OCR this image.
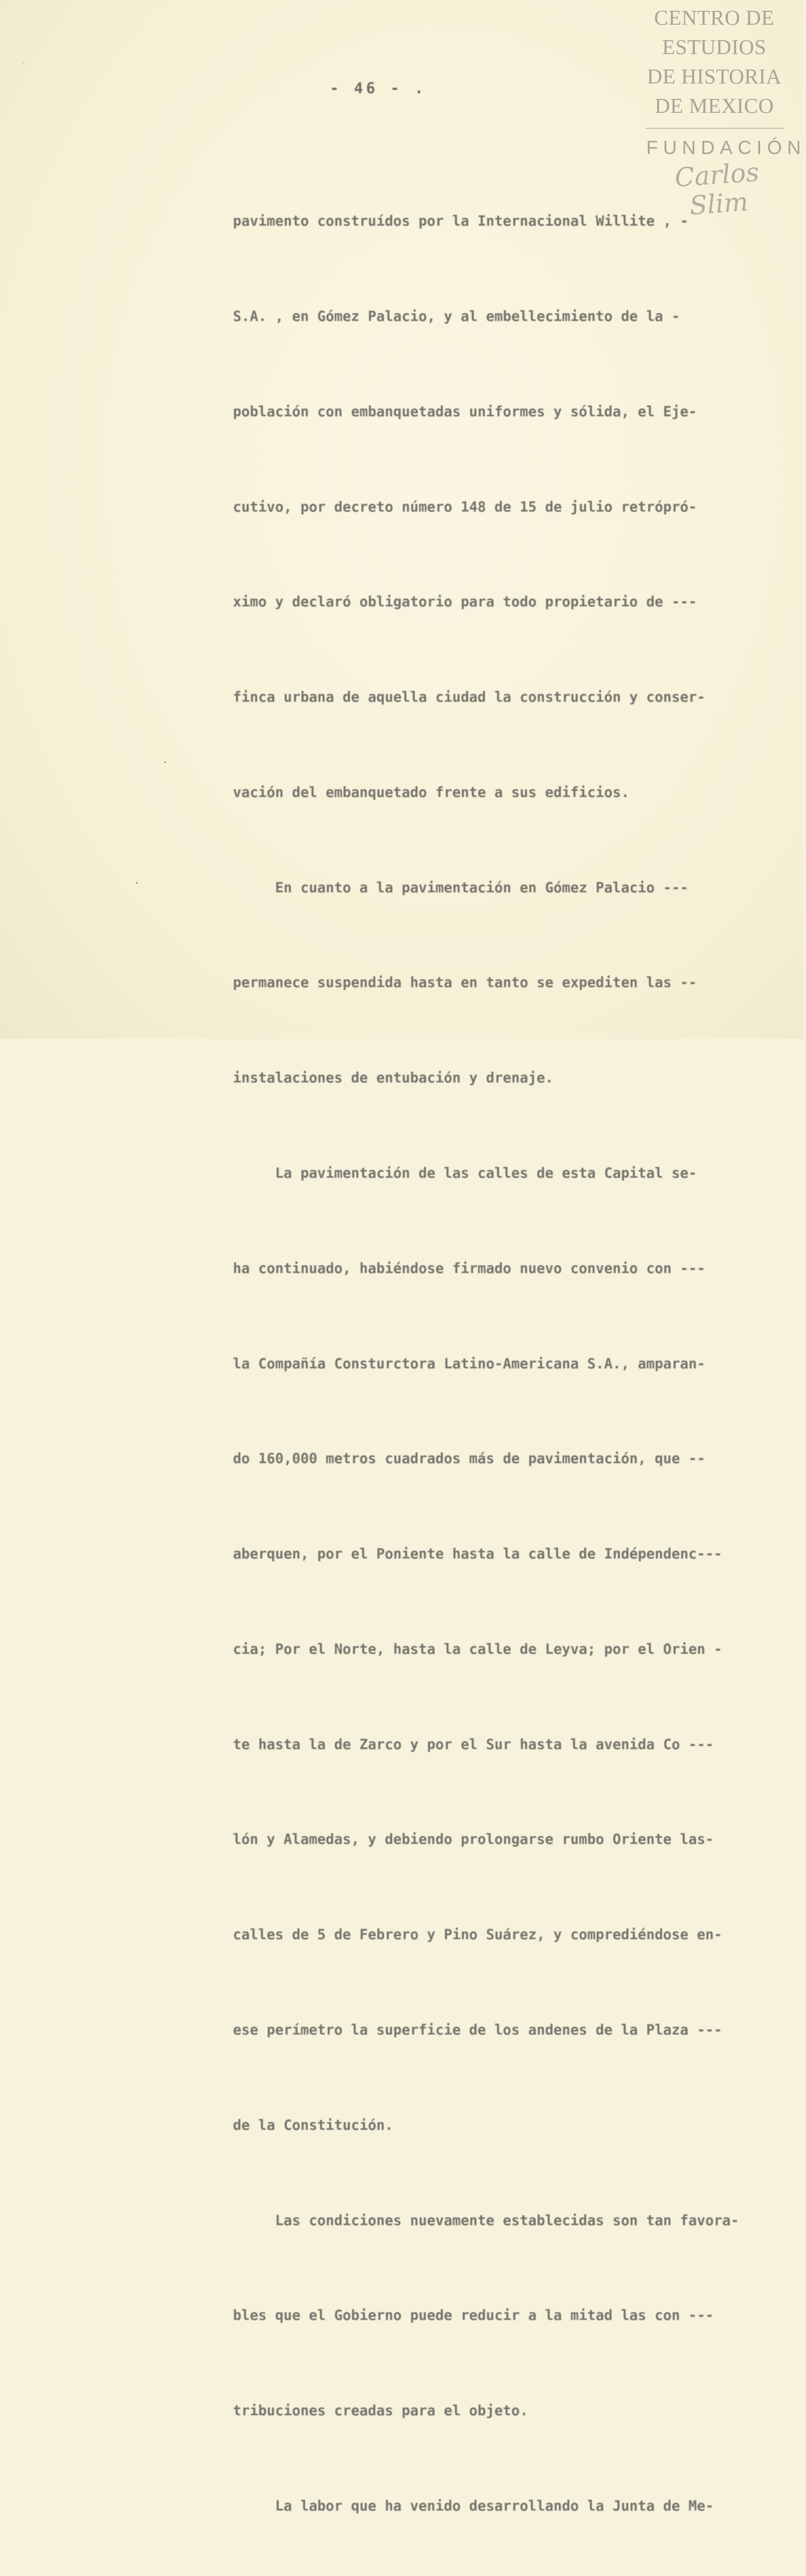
CENTRO DE
ESTUDIOS
DE HISTORIA
DE MEXICO
FUNDACIÓN
Carlos Slim
- 46 - .

pavimento construídos por la Internacional Willite , -

S.A. , en Gómez Palacio, y al embellecimiento de la -

población con embanquetadas uniformes y sólida, el Eje-

cutivo, por decreto número 148 de 15 de julio retrópró-

ximo y declaró obligatorio para todo propietario de ---

finca urbana de aquella ciudad la construcción y conser-

vación del embanquetado frente a sus edificios.

En cuanto a la pavimentación en Gómez Palacio ---

permanece suspendida hasta en tanto se expediten las --

instalaciones de entubación y drenaje.

La pavimentación de las calles de esta Capital se-

ha continuado, habiéndose firmado nuevo convenio con ---

la Compañía Consturctora Latino-Americana S.A., amparan-

do 160,000 metros cuadrados más de pavimentación, que --

aberquen, por el Poniente hasta la calle de Indépendenc---

cia; Por el Norte, hasta la calle de Leyva; por el Orien -

te hasta la de Zarco y por el Sur hasta la avenida Co ---

lón y Alamedas, y debiendo prolongarse rumbo Oriente las-

calles de 5 de Febrero y Pino Suárez, y comprediéndose en-

ese perímetro la superficie de los andenes de la Plaza ---

de la Constitución.

Las condiciones nuevamente establecidas son tan favora-

bles que el Gobierno puede reducir a la mitad las con ---

tribuciones creadas para el objeto.

La labor que ha venido desarrollando la Junta de Me-
